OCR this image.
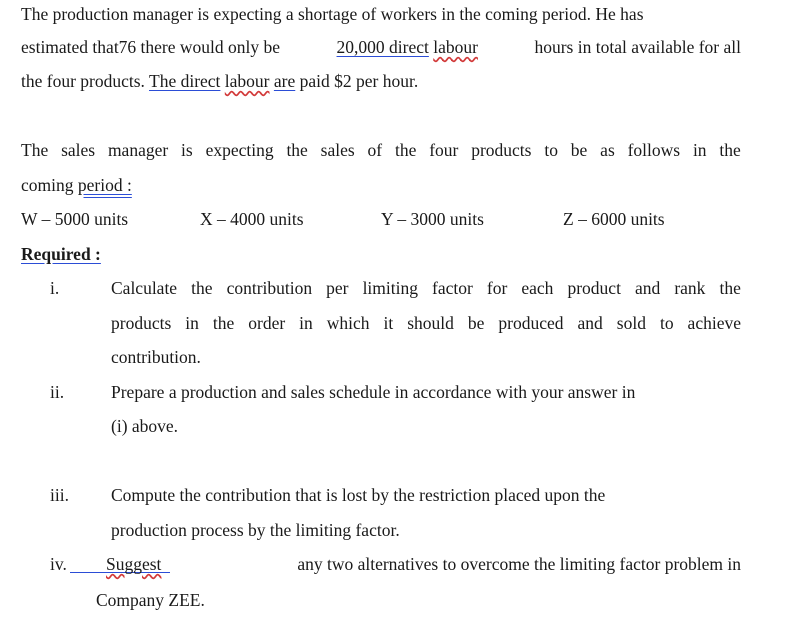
The production manager is expecting a shortage of workers in the coming period. He has
estimated that76 there would only be	20,000 direct labour	hours in total available for all
the four products. The direct labour are paid $2 per hour.
The sales manager is expecting the sales of the four products to be as follows in the
coming period :
W – 5000 units	X – 4000 units	Y – 3000 units	Z – 6000 units
Required :
i.	Calculate the contribution per limiting factor for each product and rank the
products in the order in which it should be produced and sold to achieve
contribution.
ii.	Prepare a production and sales schedule in accordance with your answer in
(i) above.
iii. Compute the contribution that is lost by the restriction placed upon the
production process by the limiting factor.
iv. Suggest	any two alternatives to overcome the limiting factor problem in
Company ZEE.
